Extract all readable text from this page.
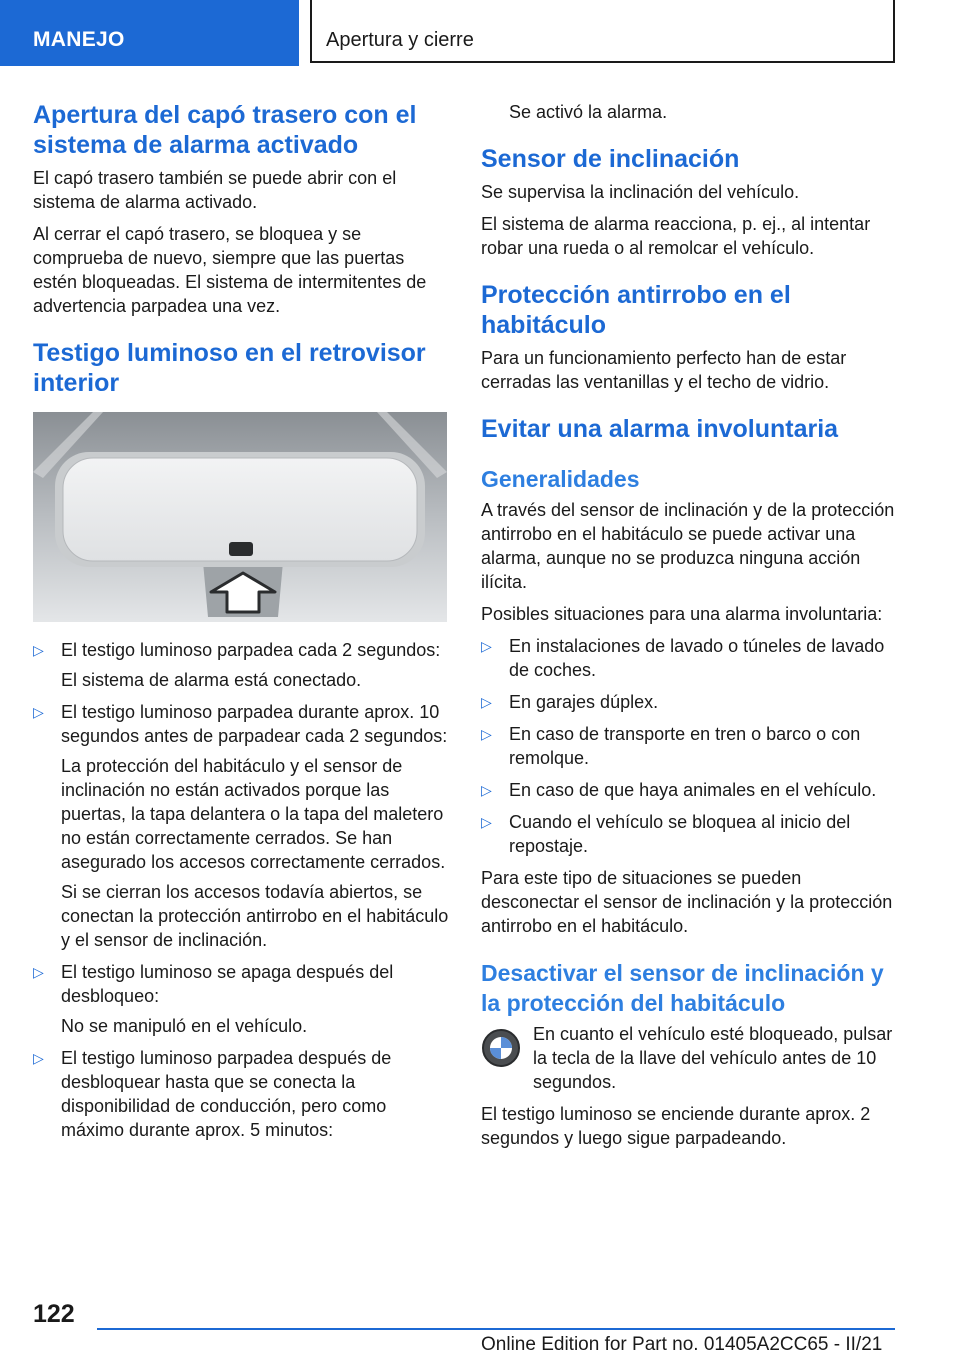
MANEJO	Apertura y cierre
Apertura del capó trasero con el sistema de alarma activado

El capó trasero también se puede abrir con el sistema de alarma activado.

Al cerrar el capó trasero, se bloquea y se comprueba de nuevo, siempre que las puertas estén bloqueadas. El sistema de intermitentes de advertencia parpadea una vez.

Testigo luminoso en el retrovisor interior
▷ El testigo luminoso parpadea cada 2 segundos:

El sistema de alarma está conectado.

▷ El testigo luminoso parpadea durante aprox. 10 segundos antes de parpadear cada 2 segundos:

La protección del habitáculo y el sensor de inclinación no están activados porque las puertas, la tapa delantera o la tapa del maletero no están correctamente cerrados. Se han asegurado los accesos correctamente cerrados.

Si se cierran los accesos todavía abiertos, se conectan la protección antirrobo en el habitáculo y el sensor de inclinación.

▷ El testigo luminoso se apaga después del desbloqueo:

No se manipuló en el vehículo.

▷ El testigo luminoso parpadea después de desbloquear hasta que se conecta la disponibilidad de conducción, pero como máximo durante aprox. 5 minutos:

Se activó la alarma.

Sensor de inclinación

Se supervisa la inclinación del vehículo.

El sistema de alarma reacciona, p. ej., al intentar robar una rueda o al remolcar el vehículo.

Protección antirrobo en el habitáculo

Para un funcionamiento perfecto han de estar cerradas las ventanillas y el techo de vidrio.

Evitar una alarma involuntaria
Generalidades

A través del sensor de inclinación y de la protección antirrobo en el habitáculo se puede activar una alarma, aunque no se produzca ninguna acción ilícita.

Posibles situaciones para una alarma involuntaria:

▷ En instalaciones de lavado o túneles de lavado de coches.
▷ En garajes dúplex.
▷ En caso de transporte en tren o barco o con remolque.
▷ En caso de que haya animales en el vehículo.
▷ Cuando el vehículo se bloquea al inicio del repostaje.

Para este tipo de situaciones se pueden desconectar el sensor de inclinación y la protección antirrobo en el habitáculo.

Desactivar el sensor de inclinación y la protección del habitáculo

En cuanto el vehículo esté bloqueado, pulsar la tecla de la llave del vehículo antes de 10 segundos.

El testigo luminoso se enciende durante aprox. 2 segundos y luego sigue parpadeando.

122
Online Edition for Part no. 01405A2CC65 - II/21
